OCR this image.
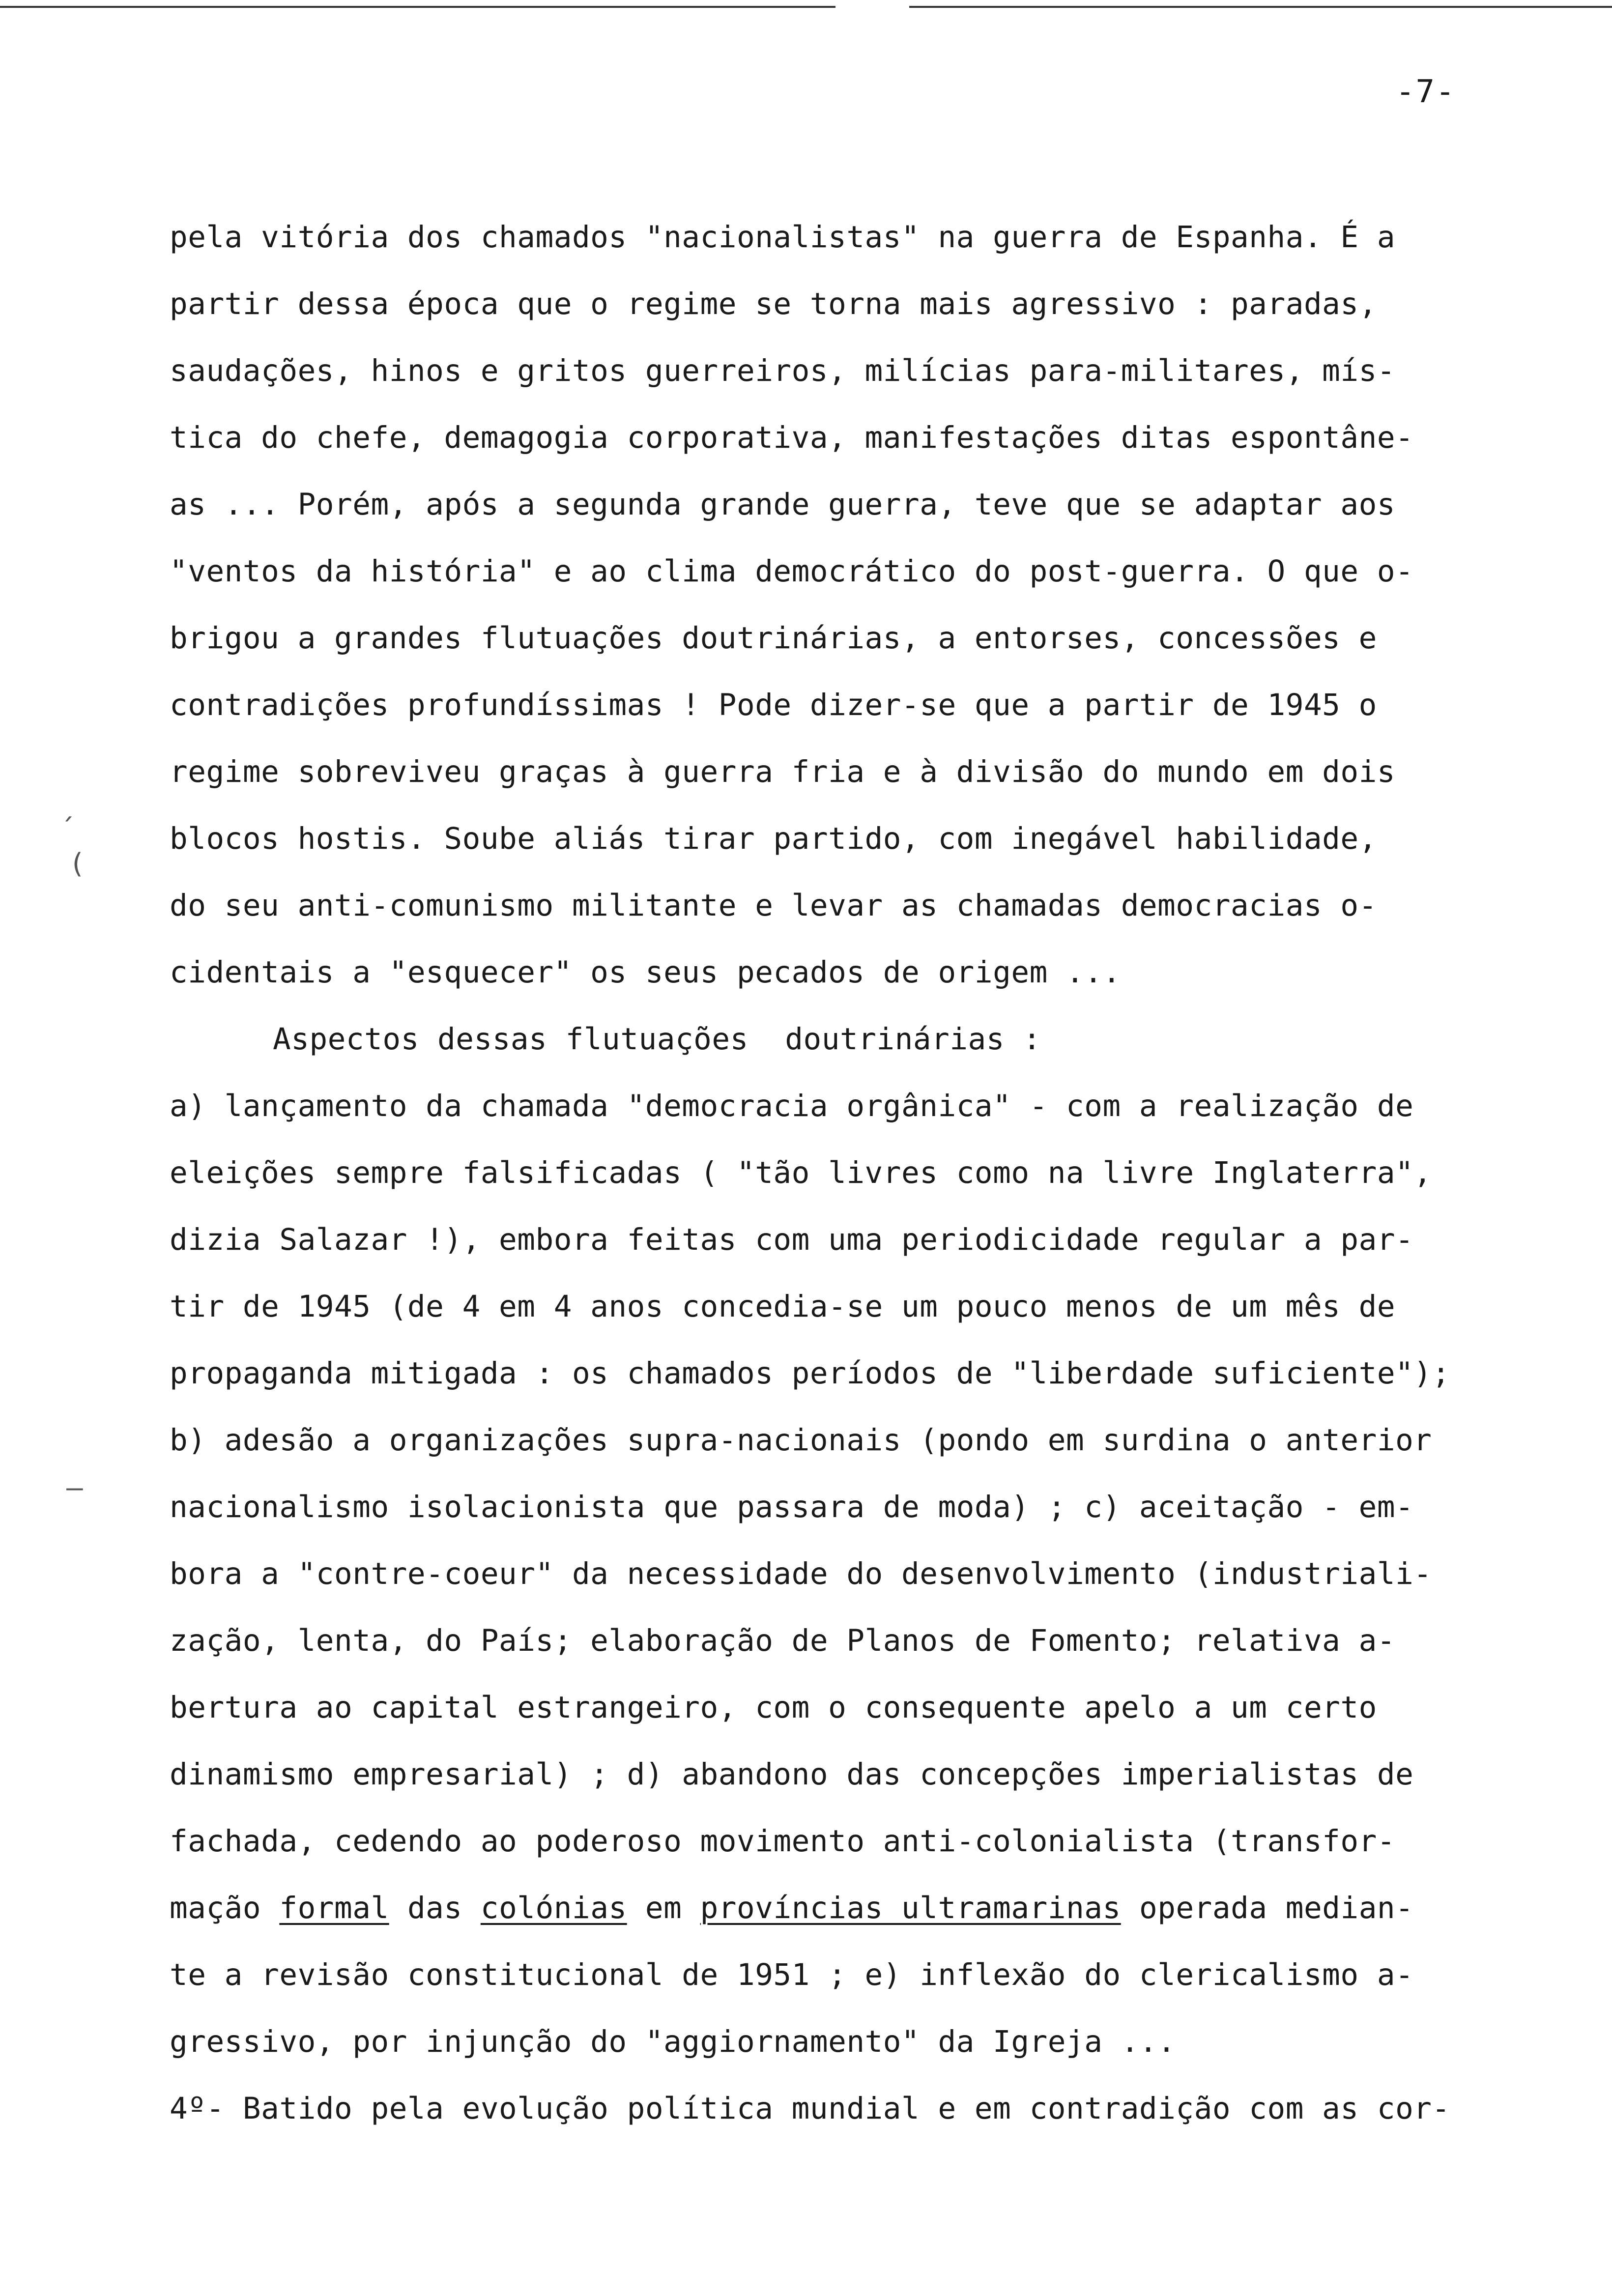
-7-
´
(
–
pela vitória dos chamados "nacionalistas" na guerra de Espanha. É a
partir dessa época que o regime se torna mais agressivo : paradas,
saudações, hinos e gritos guerreiros, milícias para-militares, mís-
tica do chefe, demagogia corporativa, manifestações ditas espontâne-
as ... Porém, após a segunda grande guerra, teve que se adaptar aos
"ventos da história" e ao clima democrático do post-guerra. O que o-
brigou a grandes flutuações doutrinárias, a entorses, concessões e
contradições profundíssimas ! Pode dizer-se que a partir de 1945 o
regime sobreviveu graças à guerra fria e à divisão do mundo em dois
blocos hostis. Soube aliás tirar partido, com inegável habilidade,
do seu anti-comunismo militante e levar as chamadas democracias o-
cidentais a "esquecer" os seus pecados de origem ...
Aspectos dessas flutuações  doutrinárias :
a) lançamento da chamada "democracia orgânica" - com a realização de
eleições sempre falsificadas ( "tão livres como na livre Inglaterra",
dizia Salazar !), embora feitas com uma periodicidade regular a par-
tir de 1945 (de 4 em 4 anos concedia-se um pouco menos de um mês de
propaganda mitigada : os chamados períodos de "liberdade suficiente");
b) adesão a organizações supra-nacionais (pondo em surdina o anterior
nacionalismo isolacionista que passara de moda) ; c) aceitação - em-
bora a "contre-coeur" da necessidade do desenvolvimento (industriali-
zação, lenta, do País; elaboração de Planos de Fomento; relativa a-
bertura ao capital estrangeiro, com o consequente apelo a um certo
dinamismo empresarial) ; d) abandono das concepções imperialistas de
fachada, cedendo ao poderoso movimento anti-colonialista (transfor-
mação formal das colónias em províncias ultramarinas operada median-
te a revisão constitucional de 1951 ; e) inflexão do clericalismo a-
gressivo, por injunção do "aggiornamento" da Igreja ...
4º- Batido pela evolução política mundial e em contradição com as cor-
